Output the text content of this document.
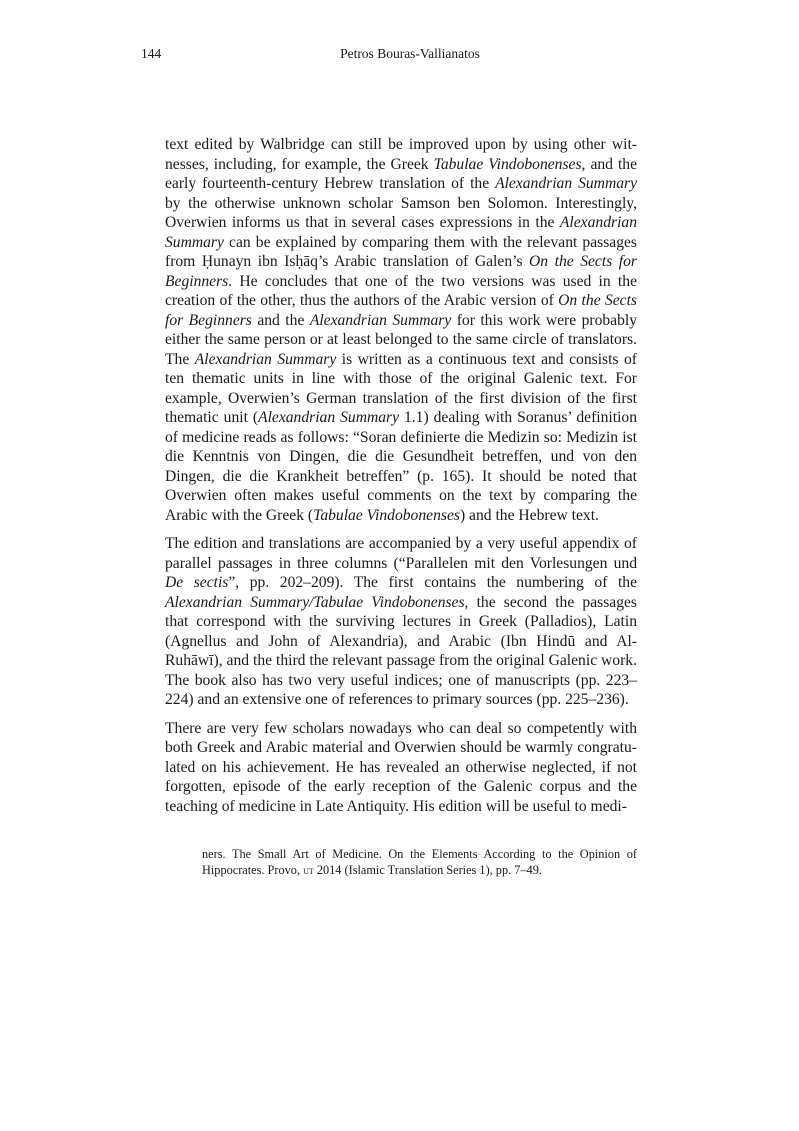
144	Petros Bouras-Vallianatos

text edited by Walbridge can still be improved upon by using other witnesses, including, for example, the Greek Tabulae Vindobonenses, and the early fourteenth-century Hebrew translation of the Alexandrian Summary by the otherwise unknown scholar Samson ben Solomon. Interestingly, Overwien informs us that in several cases expressions in the Alexandrian Summary can be explained by comparing them with the relevant passages from Ḥunayn ibn Isḥāq’s Arabic translation of Galen’s On the Sects for Beginners. He concludes that one of the two versions was used in the creation of the other, thus the authors of the Arabic version of On the Sects for Beginners and the Alexandrian Summary for this work were probably either the same person or at least belonged to the same circle of translators. The Alexandrian Summary is written as a continuous text and consists of ten thematic units in line with those of the original Galenic text. For example, Overwien’s German translation of the first division of the first thematic unit (Alexandrian Summary 1.1) dealing with Soranus’ definition of medicine reads as follows: “Soran definierte die Medizin so: Medizin ist die Kenntnis von Dingen, die die Gesundheit betreffen, und von den Dingen, die die Krankheit betreffen” (p. 165). It should be noted that Overwien often makes useful comments on the text by comparing the Arabic with the Greek (Tabulae Vindobonenses) and the Hebrew text.

The edition and translations are accompanied by a very useful appendix of parallel passages in three columns (“Parallelen mit den Vorlesungen und De sectis”, pp. 202–209). The first contains the numbering of the Alexandrian Summary/Tabulae Vindobonenses, the second the passages that correspond with the surviving lectures in Greek (Palladios), Latin (Agnellus and John of Alexandria), and Arabic (Ibn Hindū and Al-Ruhāwī), and the third the relevant passage from the original Galenic work. The book also has two very useful indices; one of manuscripts (pp. 223–224) and an extensive one of references to primary sources (pp. 225–236).

There are very few scholars nowadays who can deal so competently with both Greek and Arabic material and Overwien should be warmly congratulated on his achievement. He has revealed an otherwise neglected, if not forgotten, episode of the early reception of the Galenic corpus and the teaching of medicine in Late Antiquity. His edition will be useful to medi-

ners. The Small Art of Medicine. On the Elements According to the Opinion of Hippocrates. Provo, ut 2014 (Islamic Translation Series 1), pp. 7–49.
